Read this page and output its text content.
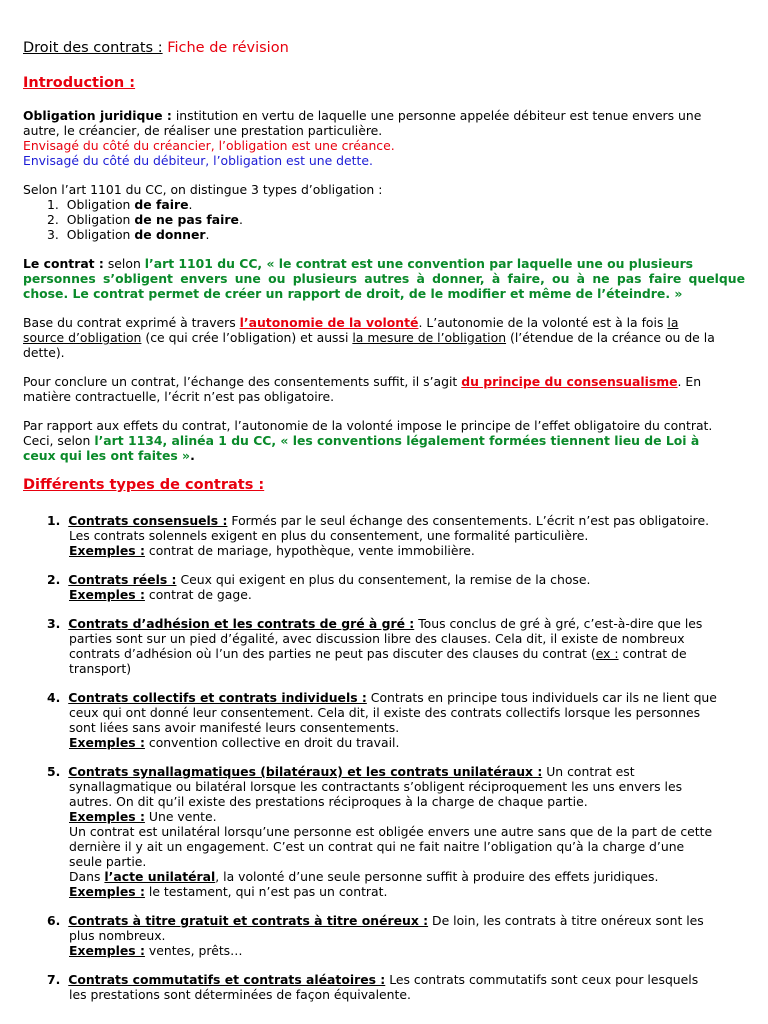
Droit des contrats : Fiche de révision
Introduction :
Obligation juridique : institution en vertu de laquelle une personne appelée débiteur est tenue envers une
autre, le créancier, de réaliser une prestation particulière.
Envisagé du côté du créancier, l’obligation est une créance.
Envisagé du côté du débiteur, l’obligation est une dette.
Selon l’art 1101 du CC, on distingue 3 types d’obligation :
1. Obligation de faire.
2. Obligation de ne pas faire.
3. Obligation de donner.
Le contrat : selon l’art 1101 du CC, « le contrat est une convention par laquelle une ou plusieurs
personnes s’obligent envers une ou plusieurs autres à donner, à faire, ou à ne pas faire quelque
chose. Le contrat permet de créer un rapport de droit, de le modifier et même de l’éteindre. »
Base du contrat exprimé à travers l’autonomie de la volonté. L’autonomie de la volonté est à la fois la
source d’obligation (ce qui crée l’obligation) et aussi la mesure de l’obligation (l’étendue de la créance ou de la
dette).
Pour conclure un contrat, l’échange des consentements suffit, il s’agit du principe du consensualisme. En
matière contractuelle, l’écrit n’est pas obligatoire.
Par rapport aux effets du contrat, l’autonomie de la volonté impose le principe de l’effet obligatoire du contrat.
Ceci, selon l’art 1134, alinéa 1 du CC, « les conventions légalement formées tiennent lieu de Loi à
ceux qui les ont faites ».
Différents types de contrats :
1. Contrats consensuels : Formés par le seul échange des consentements. L’écrit n’est pas obligatoire.
Les contrats solennels exigent en plus du consentement, une formalité particulière.
Exemples : contrat de mariage, hypothèque, vente immobilière.
2. Contrats réels : Ceux qui exigent en plus du consentement, la remise de la chose.
Exemples : contrat de gage.
3. Contrats d’adhésion et les contrats de gré à gré : Tous conclus de gré à gré, c’est-à-dire que les
parties sont sur un pied d’égalité, avec discussion libre des clauses. Cela dit, il existe de nombreux
contrats d’adhésion où l’un des parties ne peut pas discuter des clauses du contrat (ex : contrat de
transport)
4. Contrats collectifs et contrats individuels : Contrats en principe tous individuels car ils ne lient que
ceux qui ont donné leur consentement. Cela dit, il existe des contrats collectifs lorsque les personnes
sont liées sans avoir manifesté leurs consentements.
Exemples : convention collective en droit du travail.
5. Contrats synallagmatiques (bilatéraux) et les contrats unilatéraux : Un contrat est
synallagmatique ou bilatéral lorsque les contractants s’obligent réciproquement les uns envers les
autres. On dit qu’il existe des prestations réciproques à la charge de chaque partie.
Exemples : Une vente.
Un contrat est unilatéral lorsqu’une personne est obligée envers une autre sans que de la part de cette
dernière il y ait un engagement. C’est un contrat qui ne fait naitre l’obligation qu’à la charge d’une
seule partie.
Dans l’acte unilatéral, la volonté d’une seule personne suffit à produire des effets juridiques.
Exemples : le testament, qui n’est pas un contrat.
6. Contrats à titre gratuit et contrats à titre onéreux : De loin, les contrats à titre onéreux sont les
plus nombreux.
Exemples : ventes, prêts…
7. Contrats commutatifs et contrats aléatoires : Les contrats commutatifs sont ceux pour lesquels
les prestations sont déterminées de façon équivalente.
